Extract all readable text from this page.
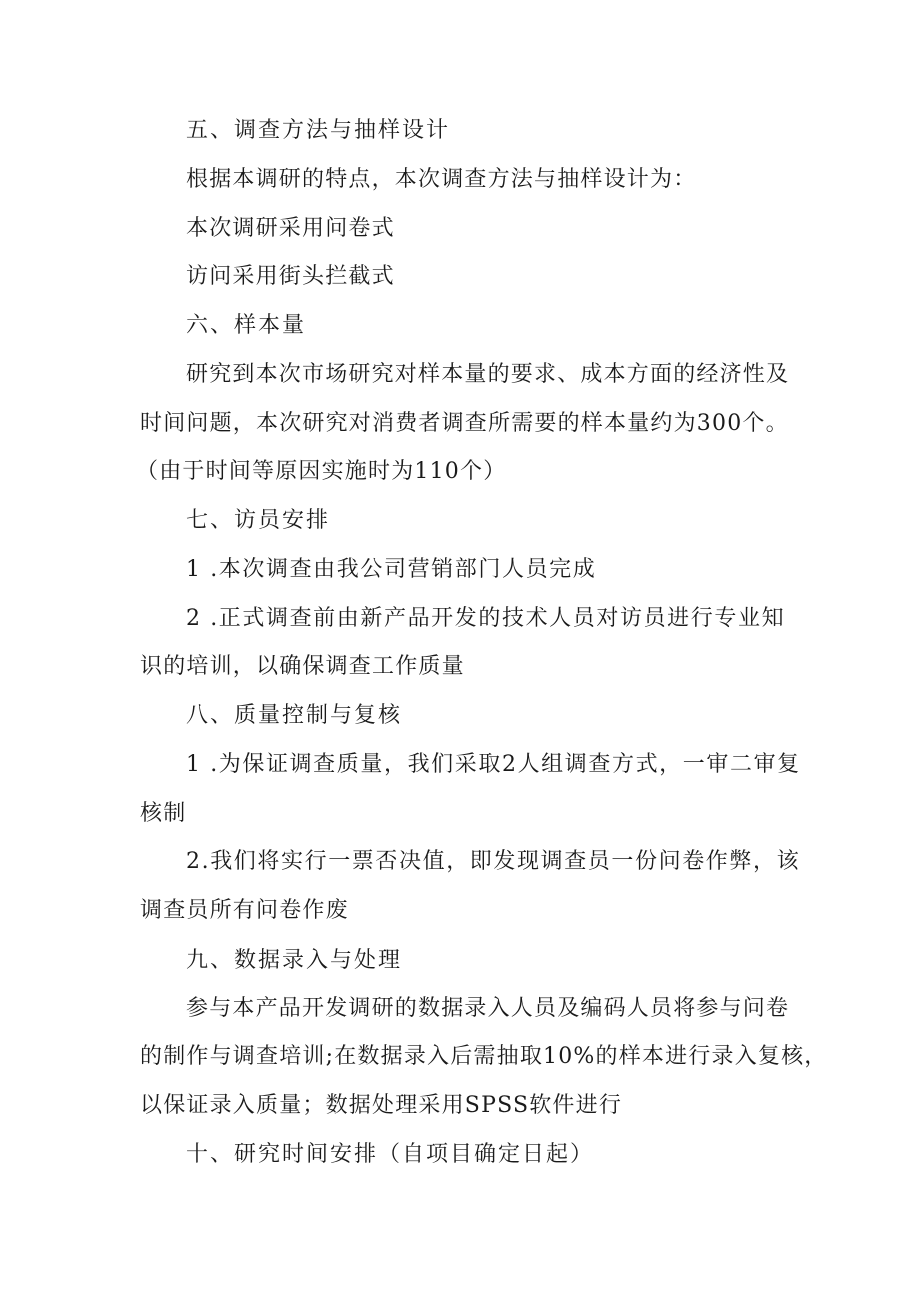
五、调查方法与抽样设计
根据本调研的特点，本次调查方法与抽样设计为：
本次调研采用问卷式
访问采用街头拦截式
六、样本量
研究到本次市场研究对样本量的要求、成本方面的经济性及
时间问题，本次研究对消费者调查所需要的样本量约为300个。
（由于时间等原因实施时为110个）
七、访员安排
1 .本次调查由我公司营销部门人员完成
2 .正式调查前由新产品开发的技术人员对访员进行专业知
识的培训，以确保调查工作质量
八、质量控制与复核
1 .为保证调查质量，我们采取2人组调查方式，一审二审复
核制
2.我们将实行一票否决值，即发现调查员一份问卷作弊，该
调查员所有问卷作废
九、数据录入与处理
参与本产品开发调研的数据录入人员及编码人员将参与问卷
的制作与调查培训;在数据录入后需抽取10%的样本进行录入复核，
以保证录入质量；数据处理采用SPSS软件进行
十、研究时间安排（自项目确定日起）
